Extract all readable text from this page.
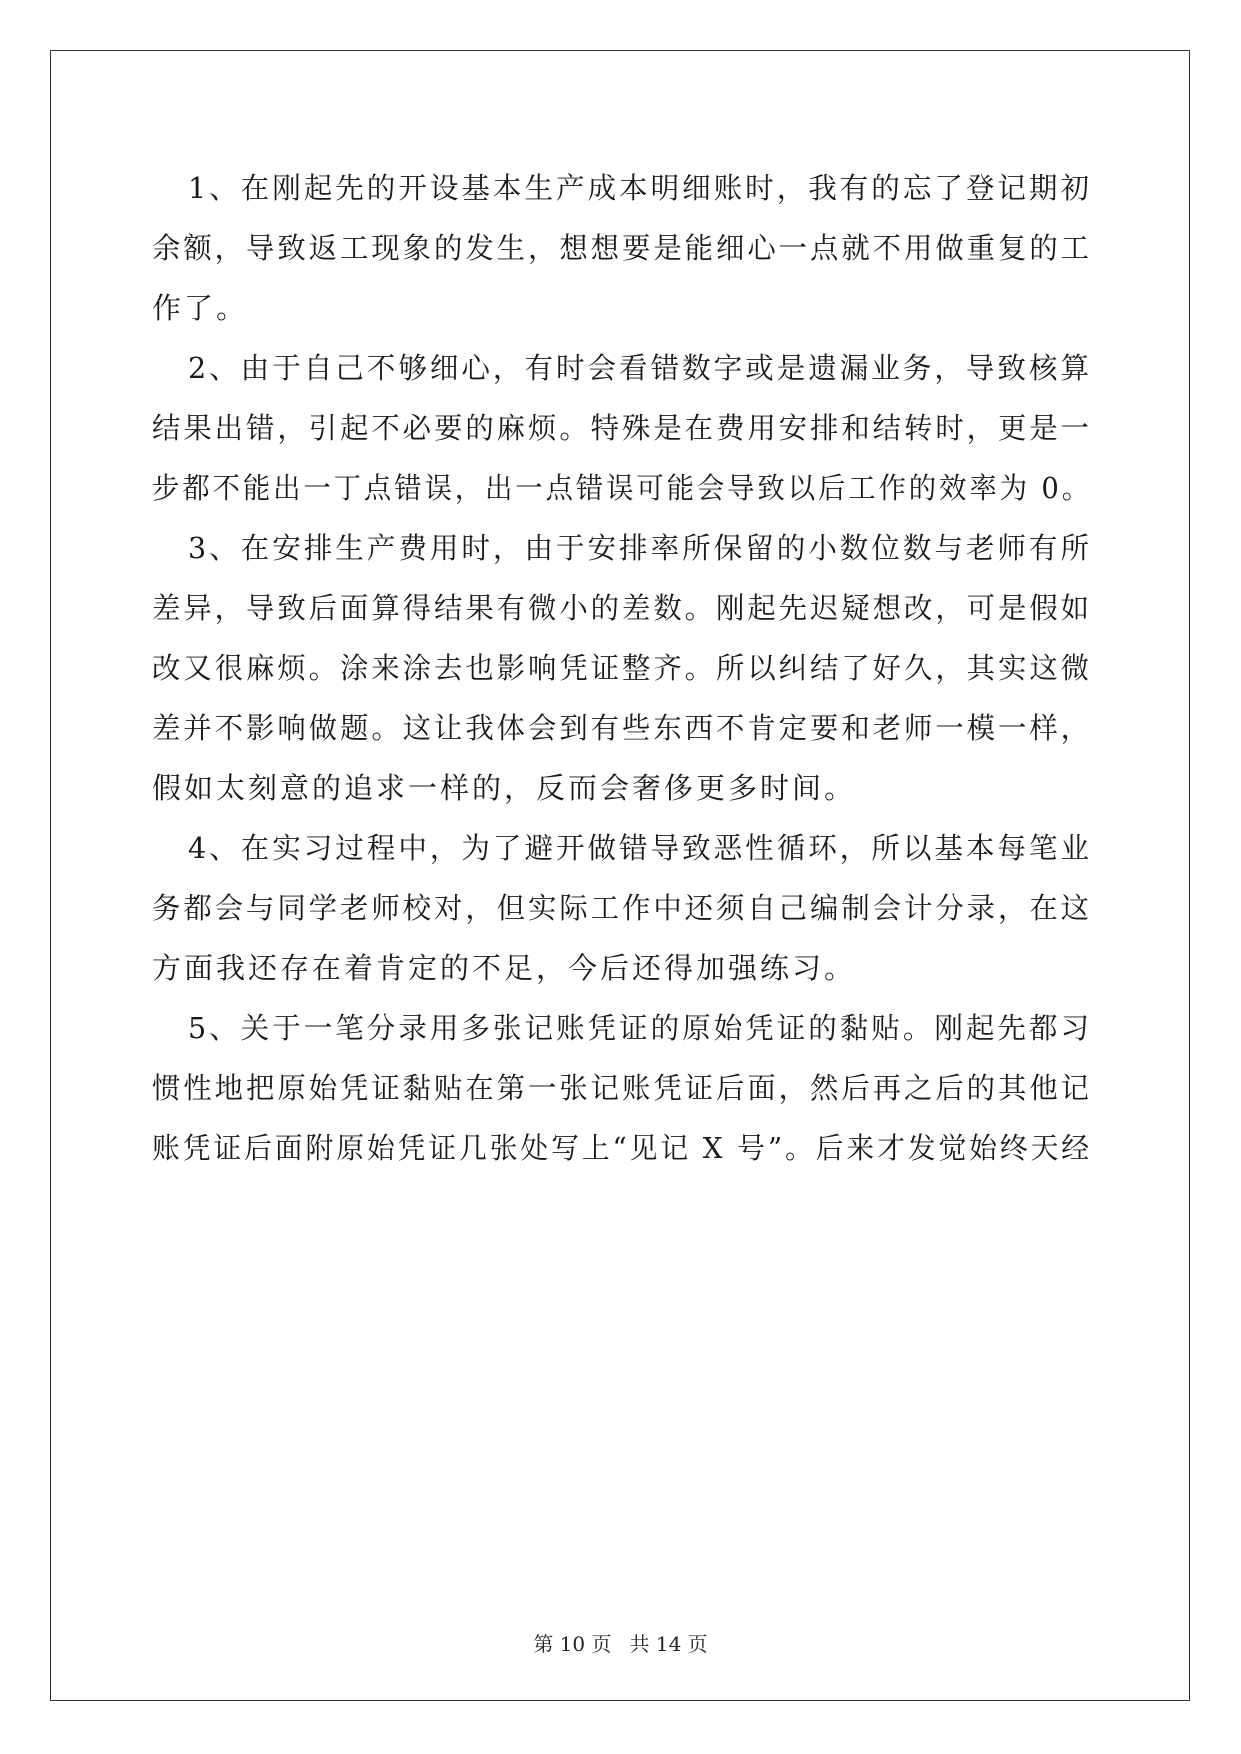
1、在刚起先的开设基本生产成本明细账时，我有的忘了登记期初
余额，导致返工现象的发生，想想要是能细心一点就不用做重复的工
作了。
2、由于自己不够细心，有时会看错数字或是遗漏业务，导致核算
结果出错，引起不必要的麻烦。特殊是在费用安排和结转时，更是一
步都不能出一丁点错误，出一点错误可能会导致以后工作的效率为 0。
3、在安排生产费用时，由于安排率所保留的小数位数与老师有所
差异，导致后面算得结果有微小的差数。刚起先迟疑想改，可是假如
改又很麻烦。涂来涂去也影响凭证整齐。所以纠结了好久，其实这微
差并不影响做题。这让我体会到有些东西不肯定要和老师一模一样，
假如太刻意的追求一样的，反而会奢侈更多时间。
4、在实习过程中，为了避开做错导致恶性循环，所以基本每笔业
务都会与同学老师校对，但实际工作中还须自己编制会计分录，在这
方面我还存在着肯定的不足，今后还得加强练习。
5、关于一笔分录用多张记账凭证的原始凭证的黏贴。刚起先都习
惯性地把原始凭证黏贴在第一张记账凭证后面，然后再之后的其他记
账凭证后面附原始凭证几张处写上“见记 X 号”。后来才发觉始终天经
第 10 页 共 14 页
